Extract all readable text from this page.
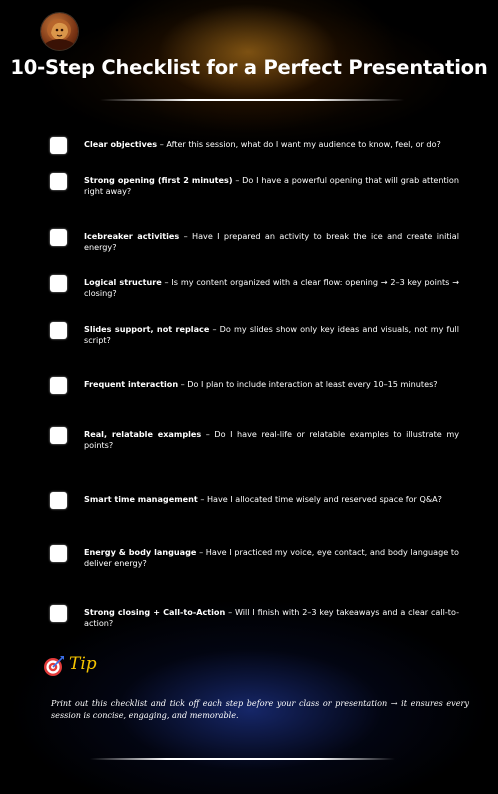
10-Step Checklist for a Perfect Presentation
Clear objectives – After this session, what do I want my audience to know, feel, or do?
Strong opening (first 2 minutes) – Do I have a powerful opening that will grab attention right away?
Icebreaker activities – Have I prepared an activity to break the ice and create initial energy?
Logical structure – Is my content organized with a clear flow: opening → 2–3 key points → closing?
Slides support, not replace – Do my slides show only key ideas and visuals, not my full script?
Frequent interaction – Do I plan to include interaction at least every 10–15 minutes?
Real, relatable examples – Do I have real-life or relatable examples to illustrate my points?
Smart time management – Have I allocated time wisely and reserved space for Q&A?
Energy & body language – Have I practiced my voice, eye contact, and body language to deliver energy?
Strong closing + Call-to-Action – Will I finish with 2–3 key takeaways and a clear call-to-action?
Tip
Print out this checklist and tick off each step before your class or presentation → it ensures every session is concise, engaging, and memorable.
